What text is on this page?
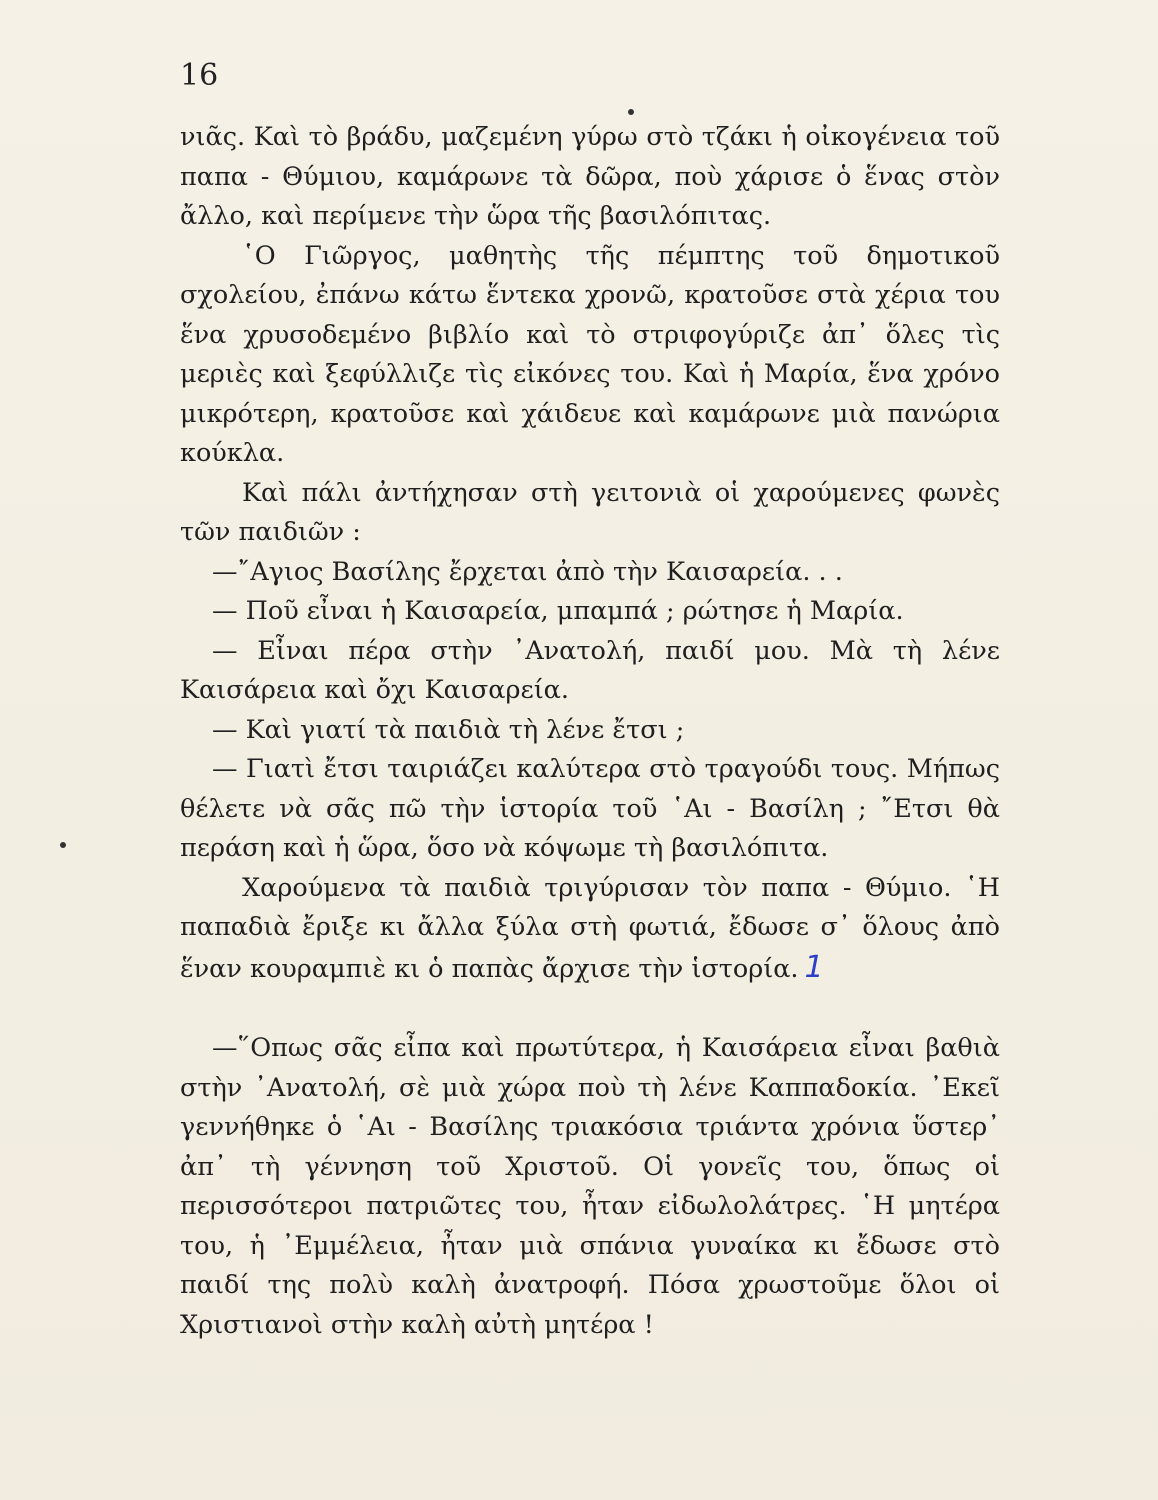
16

νιᾶς. Καὶ τὸ βράδυ, μαζεμένη γύρω στὸ τζάκι ἡ οἰκογένεια τοῦ παπα - Θύμιου, καμάρωνε τὰ δῶρα, ποὺ χάρισε ὁ ἕνας στὸν ἄλλο, καὶ περίμενε τὴν ὥρα τῆς βασιλόπιτας.

῾Ο Γιῶργος, μαθητὴς τῆς πέμπτης τοῦ δημοτικοῦ σχολείου, ἐπάνω κάτω ἕντεκα χρονῶ, κρατοῦσε στὰ χέρια του ἕνα χρυσοδεμένο βιβλίο καὶ τὸ στριφογύριζε ἀπ᾿ ὅλες τὶς μεριὲς καὶ ξεφύλλιζε τὶς εἰκόνες του. Καὶ ἡ Μαρία, ἕνα χρόνο μικρότερη, κρατοῦσε καὶ χάιδευε καὶ καμάρωνε μιὰ πανώρια κούκλα.

Καὶ πάλι ἀντήχησαν στὴ γειτονιὰ οἱ χαρούμενες φωνὲς τῶν παιδιῶν :

—῎Αγιος Βασίλης ἔρχεται ἀπὸ τὴν Καισαρεία. . .

— Ποῦ εἶναι ἡ Καισαρεία, μπαμπά ; ρώτησε ἡ Μαρία.

— Εἶναι πέρα στὴν ᾿Ανατολή, παιδί μου. Μὰ τὴ λένε Καισάρεια καὶ ὄχι Καισαρεία.

— Καὶ γιατί τὰ παιδιὰ τὴ λένε ἔτσι ;

— Γιατὶ ἔτσι ταιριάζει καλύτερα στὸ τραγούδι τους. Μήπως θέλετε νὰ σᾶς πῶ τὴν ἱστορία τοῦ ῾Αι - Βασίλη ; ῎Ετσι θὰ περάση καὶ ἡ ὥρα, ὅσο νὰ κόψωμε τὴ βασιλόπιτα.

Χαρούμενα τὰ παιδιὰ τριγύρισαν τὸν παπα - Θύμιο. ῾Η παπαδιὰ ἔριξε κι ἄλλα ξύλα στὴ φωτιά, ἔδωσε σ᾿ ὅλους ἀπὸ ἕναν κουραμπιὲ κι ὁ παπὰς ἄρχισε τὴν ἱστορία. 1

—῞Οπως σᾶς εἶπα καὶ πρωτύτερα, ἡ Καισάρεια εἶναι βαθιὰ στὴν ᾿Ανατολή, σὲ μιὰ χώρα ποὺ τὴ λένε Καππαδοκία. ᾿Εκεῖ γεννήθηκε ὁ ῾Αι - Βασίλης τριακόσια τριάντα χρόνια ὕστερ᾿ ἀπ᾿ τὴ γέννηση τοῦ Χριστοῦ. Οἱ γονεῖς του, ὅπως οἱ περισσότεροι πατριῶτες του, ἦταν εἰδωλολάτρες. ῾Η μητέρα του, ἡ ᾿Εμμέλεια, ἦταν μιὰ σπάνια γυναίκα κι ἔδωσε στὸ παιδί της πολὺ καλὴ ἀνατροφή. Πόσα χρωστοῦμε ὅλοι οἱ Χριστιανοὶ στὴν καλὴ αὐτὴ μητέρα !
